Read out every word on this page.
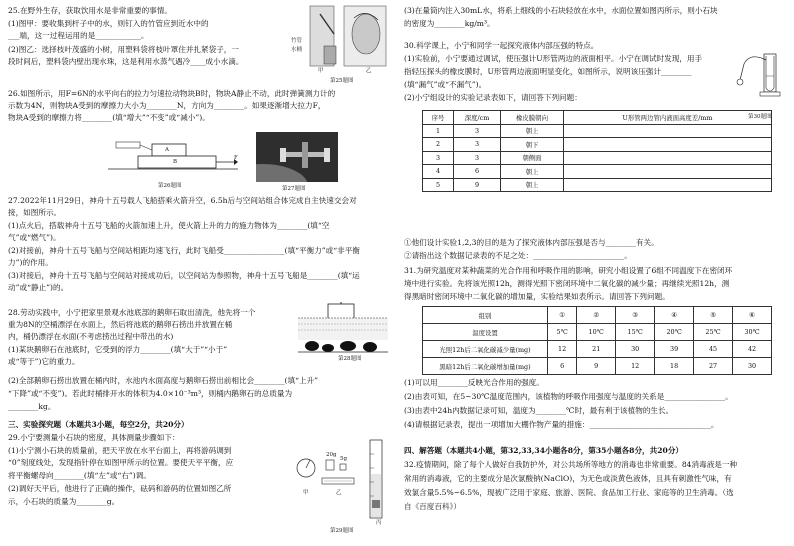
25.在野外生存，获取饮用水是非常重要的事情。
(1)图甲：要收集到杆子中的水，则钉入的竹管应到近水中的
___端，这一过程运用的是____________。
(2)图乙：选择枝叶茂盛的小树，用塑料袋将枝叶罩住并扎紧袋子，一
段时间后，塑料袋内壁出现水珠，这是利用水蒸气遇冷____成小水滴。
竹管
水桶
甲	乙
第25题图
26.如图所示，用F=6N的水平向右的拉力匀速拉动物块B时，物块A静止不动，此时弹簧测力计的
示数为4N，则物块A受到的摩擦力大小为________N，方向为________。如果逐渐增大拉力F，
物块A受到的摩擦力将________(填“增大”“不变”或“减小”)。
A
B
F
第26题图	第27题图
27.2022年11月29日，神舟十五号载人飞船搭乘火箭升空，6.5h后与空间站组合体完成自主快速交会对
接，如图所示。
(1)点火后，搭载神舟十五号飞船的火箭加速上升，使火箭上升的力的施力物体为________(填“空
气”或“燃气”)。
(2)对接前，神舟十五号飞船与空间站相距均速飞行，此时飞船受________________(填“平衡力”或“非平衡
力”)的作用。
(3)对接后，神舟十五号飞船与空间站对接成功后，以空间站为参照物，神舟十五号飞船是________(填“运
动”或“静止”)的。
28.劳动实践中，小宁把家里景观水池底部的鹅卵石取出清洗，他先将一个
重为8N的空桶漂浮在水面上，然后将池底的鹅卵石捞出并放置在桶
内，桶仍漂浮在水面(不考虑捞出过程中带出的水)
(1)某块鹅卵石在池底时，它受到的浮力________(填“大于”“小于”
或“等于”)它的重力。
(2)全部鹅卵石捞出放置在桶内时，水池内水面高度与鹅卵石捞出前相比会________(填“上升”
“下降”或“不变”)。若此时桶排开水的体积为4.0×10⁻³m³，则桶内鹅卵石的总质量为
________kg。
第28题图
三、实验探究题（本题共3小题，每空2分，共20分）
29.小宁要测量小石块的密度，具体测量步骤如下：
(1)小宁测小石块的质量前，把天平放在水平台面上，再将游码调到
“0”刻度线处，发现指针停在如图甲所示的位置。要使天平平衡，应
将平衡螺母向________(填“左”或“右”)调。
(2)调好天平后，他进行了正确的操作，砝码和游码的位置如图乙所
示，小石块的质量为________g。
20g
5g
甲	乙
丙
第29题图
(3)在量筒内注入30mL水，将系上细线的小石块轻放在水中，水面位置如图丙所示，则小石块
的密度为________kg/m³。
30.科学课上，小宁和同学一起探究液体内部压强的特点。
(1)实验前，小宁要通过调试，使压强计U形管两边的液面相平。小宁在调试时发现，用手
指轻压探头的橡皮膜时，U形管两边液面明显变化，如图所示，说明该压强计________
(填“漏气”或“不漏气”)。
(2)小宁组设计的实验记录表如下，请回答下列问题：
第30题图
序号	深度/cm	橡皮膜朝向	U形管两边管内液面高度差/mm
1	3	朝上	
2	3	朝下	
3	3	朝侧面	
4	6	朝上	
5	9	朝上	
①他们设计实验1,2,3的目的是为了探究液体内部压强是否与________有关。
②请指出这个数据记录表的不足之处：________________________。
31.为研究温度对某种蔬菜的光合作用和呼吸作用的影响，研究小组设置了6组不同温度下在密闭环
境中进行实验。先将该光照12h，测得光照下密闭环境中二氧化碳的减少量；再继续光照12h，测
得黑暗时密闭环境中二氧化碳的增加量，实验结果如表所示。请回答下列问题。
组别	①	②	③	④	⑤	⑥
温度设置	5℃	10℃	15℃	20℃	25℃	30℃
光照12h后二氧化碳减少量(mg)	12	21	30	39	45	42
黑暗12h后二氧化碳增加量(mg)	6	9	12	18	27	30
(1)可以用________反映光合作用的强度。
(2)由表可知，在5~30℃温度范围内，该植物的呼吸作用强度与温度的关系是________________。
(3)由表中24h内数据记录可知，温度为________℃时，最有利于该植物的生长。
(4)请根据记录表，提出一项增加大棚作物产量的措施：________________________________。
四、解答题（本题共4小题，第32,33,34小题各8分，第35小题各8分，共20分）
32.疫情期间，除了每个人做好自我防护外，对公共场所等地方的消毒也非常重要。84消毒液是一种
常用的消毒液，它的主要成分是次氯酸钠(NaClO)，为无色或淡黄色液体，且具有刺激性气味，有
效氯含量5.5%~6.5%，现被广泛用于家庭、旅游、医院、食品加工行业、家庭等的卫生消毒。（选
自《百度百科》）
(1
